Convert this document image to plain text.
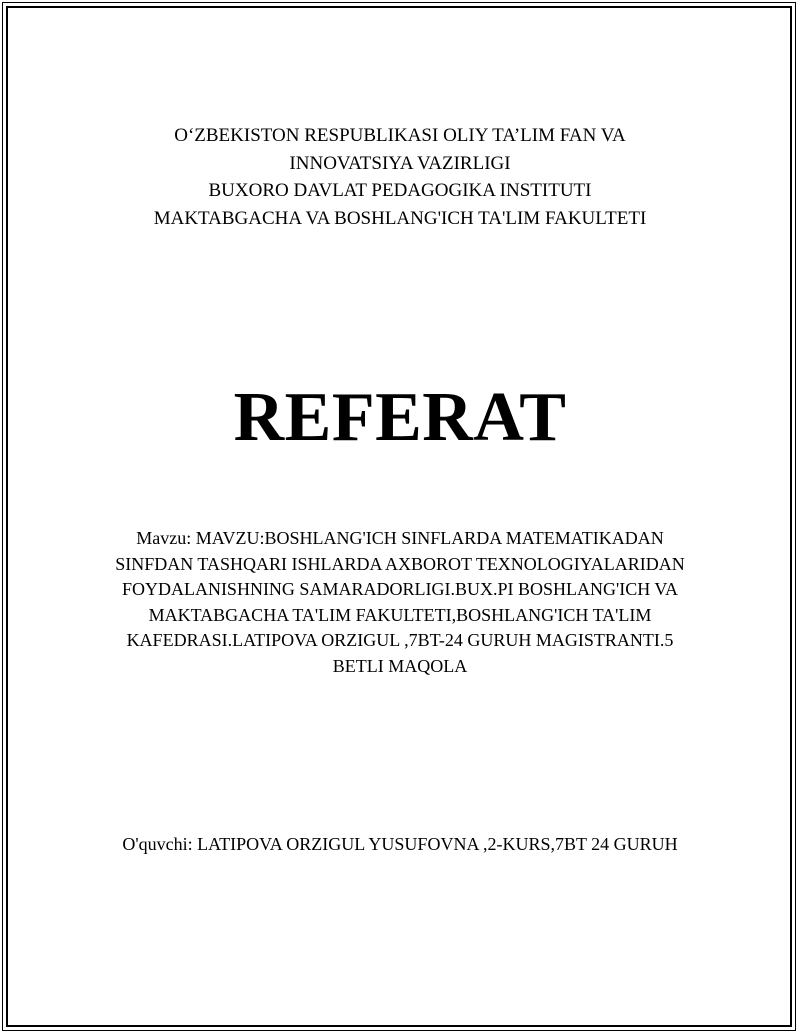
O‘ZBEKISTON RESPUBLIKASI OLIY TA’LIM FAN VA
INNOVATSIYA VAZIRLIGI
BUXORO DAVLAT PEDAGOGIKA INSTITUTI
MAKTABGACHA VA BOSHLANG'ICH TA'LIM FAKULTETI
REFERAT
Mavzu: MAVZU:BOSHLANG'ICH SINFLARDA MATEMATIKADAN SINFDAN TASHQARI ISHLARDA AXBOROT TEXNOLOGIYALARIDAN FOYDALANISHNING SAMARADORLIGI.BUX.PI BOSHLANG'ICH VA MAKTABGACHA TA'LIM FAKULTETI,BOSHLANG'ICH TA'LIM KAFEDRASI.LATIPOVA ORZIGUL ,7BT-24 GURUH MAGISTRANTI.5 BETLI MAQOLA
O'quvchi: LATIPOVA ORZIGUL YUSUFOVNA ,2-KURS,7BT 24 GURUH
